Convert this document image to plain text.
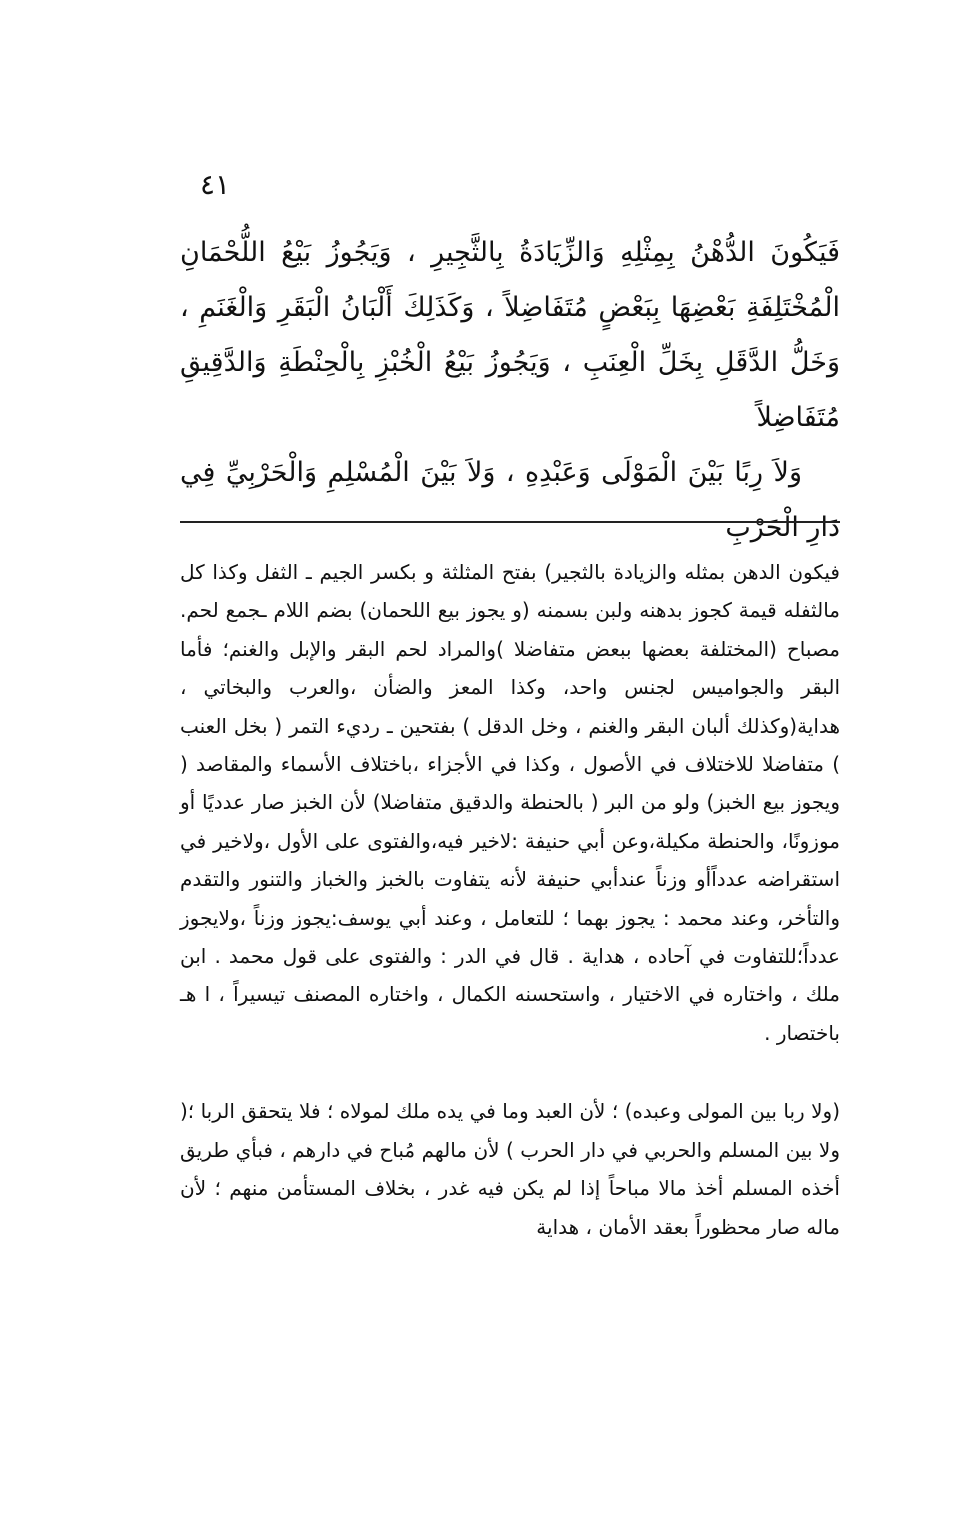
٤١

فَيَكُونَ الدُّهْنُ بِمِثْلِهِ وَالزِّيَادَةُ بِالثَّجِيرِ ، وَيَجُوزُ بَيْعُ اللُّحْمَانِ الْمُخْتَلِفَةِ بَعْضِهَا بِبَعْضٍ مُتَفَاضِلاً ، وَكَذَلِكَ أَلْبَانُ الْبَقَرِ وَالْغَنَمِ ، وَخَلُّ الدَّقَلِ بِخَلِّ الْعِنَبِ ، وَيَجُوزُ بَيْعُ الْخُبْزِ بِالْحِنْطَةِ وَالدَّقِيقِ مُتَفَاضِلاً

وَلاَ رِبًا بَيْنَ الْمَوْلَى وَعَبْدِهِ ، وَلاَ بَيْنَ الْمُسْلِمِ وَالْحَرْبِيِّ فِي دَارِ الْحَرْبِ

فيكون الدهن بمثله والزيادة بالثجير) بفتح المثلثة و بكسر الجيم ـ الثفل وكذا كل مالثفله قيمة كجوز بدهنه ولبن بسمنه (و يجوز بيع اللحمان) بضم اللام ـجمع لحم. مصباح (المختلفة بعضها ببعض متفاضلا )والمراد لحم البقر والإبل والغنم؛ فأما البقر والجواميس لجنس واحد، وكذا المعز والضأن ،والعرب والبخاتي ، هداية(وكذلك ألبان البقر والغنم ، وخل الدقل ) بفتحين ـ رديء التمر ( بخل العنب ) متفاضلا للاختلاف في الأصول ، وكذا في الأجزاء ،باختلاف الأسماء والمقاصد ( ويجوز بيع الخبز) ولو من البر ( بالحنطة والدقيق متفاضلا) لأن الخبز صار عدديًا أو موزونًا، والحنطة مكيلة،وعن أبي حنيفة :لاخير فيه،والفتوى على الأول ،ولاخير في استقراضه عدداًأو وزناً عندأبي حنيفة لأنه يتفاوت بالخبز والخباز والتنور والتقدم والتأخر، وعند محمد : يجوز بهما ؛ للتعامل ، وعند أبي يوسف:يجوز وزناً ،ولايجوز عدداً؛للتفاوت في آحاده ، هداية . قال في الدر : والفتوى على قول محمد . ابن ملك ، واختاره في الاختيار ، واستحسنه الكمال ، واختاره المصنف تيسيراً ، ا هـ باختصار .

(ولا ربا بين المولى وعبده) ؛ لأن العبد وما في يده ملك لمولاه ؛ فلا يتحقق الربا ؛( ولا بين المسلم والحربي في دار الحرب ) لأن مالهم مُباح في دارهم ، فبأي طريق أخذه المسلم أخذ مالا مباحاً إذا لم يكن فيه غدر ، بخلاف المستأمن منهم ؛ لأن ماله صار محظوراً بعقد الأمان ، هداية
